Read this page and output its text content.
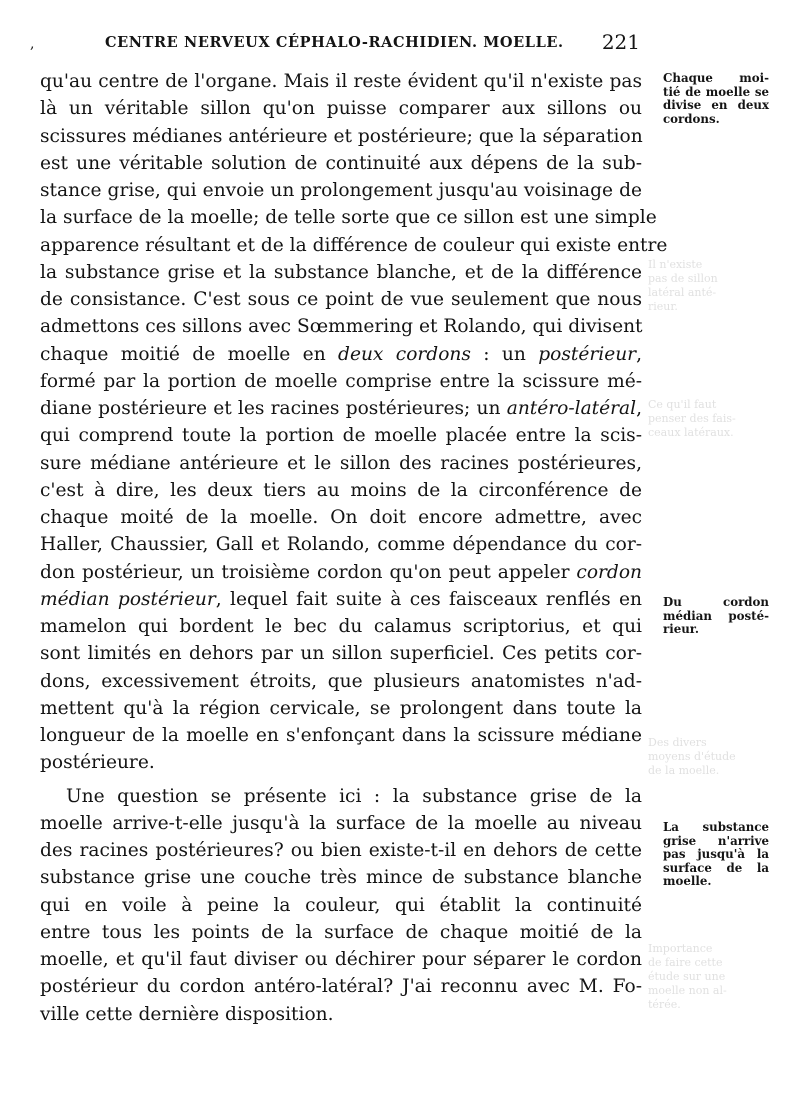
,	CENTRE NERVEUX CÉPHALO-RACHIDIEN. MOELLE. 221
qu'au centre de l'organe. Mais il reste évident qu'il n'existe pas
là un véritable sillon qu'on puisse comparer aux sillons ou
scissures médianes antérieure et postérieure; que la séparation
est une véritable solution de continuité aux dépens de la sub-
stance grise, qui envoie un prolongement jusqu'au voisinage de
la surface de la moelle; de telle sorte que ce sillon est une simple
apparence résultant et de la différence de couleur qui existe entre
la substance grise et la substance blanche, et de la différence
de consistance. C'est sous ce point de vue seulement que nous
admettons ces sillons avec Sœmmering et Rolando, qui divisent
chaque moitié de moelle en deux cordons : un postérieur,
formé par la portion de moelle comprise entre la scissure mé-
diane postérieure et les racines postérieures; un antéro-latéral,
qui comprend toute la portion de moelle placée entre la scis-
sure médiane antérieure et le sillon des racines postérieures,
c'est à dire, les deux tiers au moins de la circonférence de
chaque moité de la moelle. On doit encore admettre, avec
Haller, Chaussier, Gall et Rolando, comme dépendance du cor-
don postérieur, un troisième cordon qu'on peut appeler cordon
médian postérieur, lequel fait suite à ces faisceaux renflés en
mamelon qui bordent le bec du calamus scriptorius, et qui
sont limités en dehors par un sillon superficiel. Ces petits cor-
dons, excessivement étroits, que plusieurs anatomistes n'ad-
mettent qu'à la région cervicale, se prolongent dans toute la
longueur de la moelle en s'enfonçant dans la scissure médiane
postérieure.
Une question se présente ici : la substance grise de la
moelle arrive-t-elle jusqu'à la surface de la moelle au niveau
des racines postérieures? ou bien existe-t-il en dehors de cette
substance grise une couche très mince de substance blanche
qui en voile à peine la couleur, qui établit la continuité
entre tous les points de la surface de chaque moitié de la
moelle, et qu'il faut diviser ou déchirer pour séparer le cordon
postérieur du cordon antéro-latéral? J'ai reconnu avec M. Fo-
ville cette dernière disposition.
Chaque moi-
tié de moelle se
divise en deux
cordons.
Du cordon
médian posté-
rieur.
La substance
grise n'arrive
pas jusqu'à la
surface de la
moelle.
Il n'existe
pas de sillon
latéral anté-
rieur.
Ce qu'il faut
penser des fais-
ceaux latéraux.
Des divers
moyens d'étude
de la moelle.
Importance
de faire cette
étude sur une
moelle non al-
térée.
